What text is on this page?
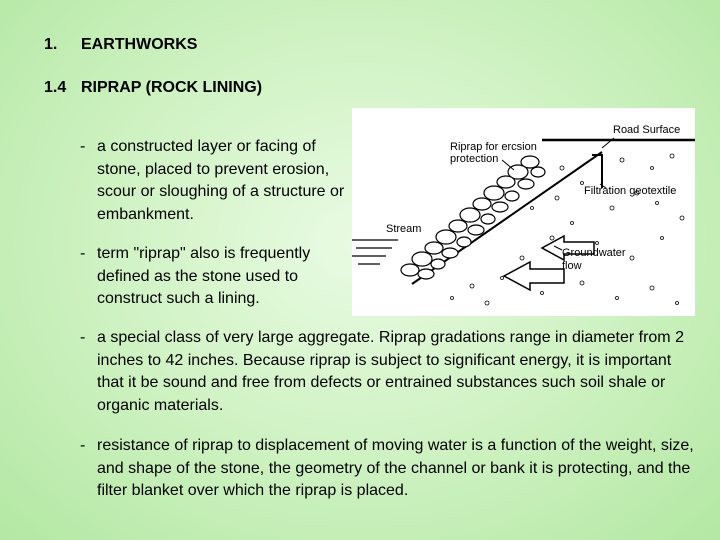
1. EARTHWORKS
1.4 RIPRAP (ROCK LINING)
- a constructed layer or facing of stone, placed to prevent erosion, scour or sloughing of a structure or embankment.
- term "riprap" also is frequently defined as the stone used to construct such a lining.
- a special class of very large aggregate. Riprap gradations range in diameter from 2 inches to 42 inches. Because riprap is subject to significant energy, it is important that it be sound and free from defects or entrained substances such soil shale or organic materials.
- resistance of riprap to displacement of moving water is a function of the weight, size, and shape of the stone, the geometry of the channel or bank it is protecting, and the filter blanket over which the riprap is placed.
Road Surface
Riprap for ercsion
protection
Filtration geotextile
Stream
Groundwater
flow
